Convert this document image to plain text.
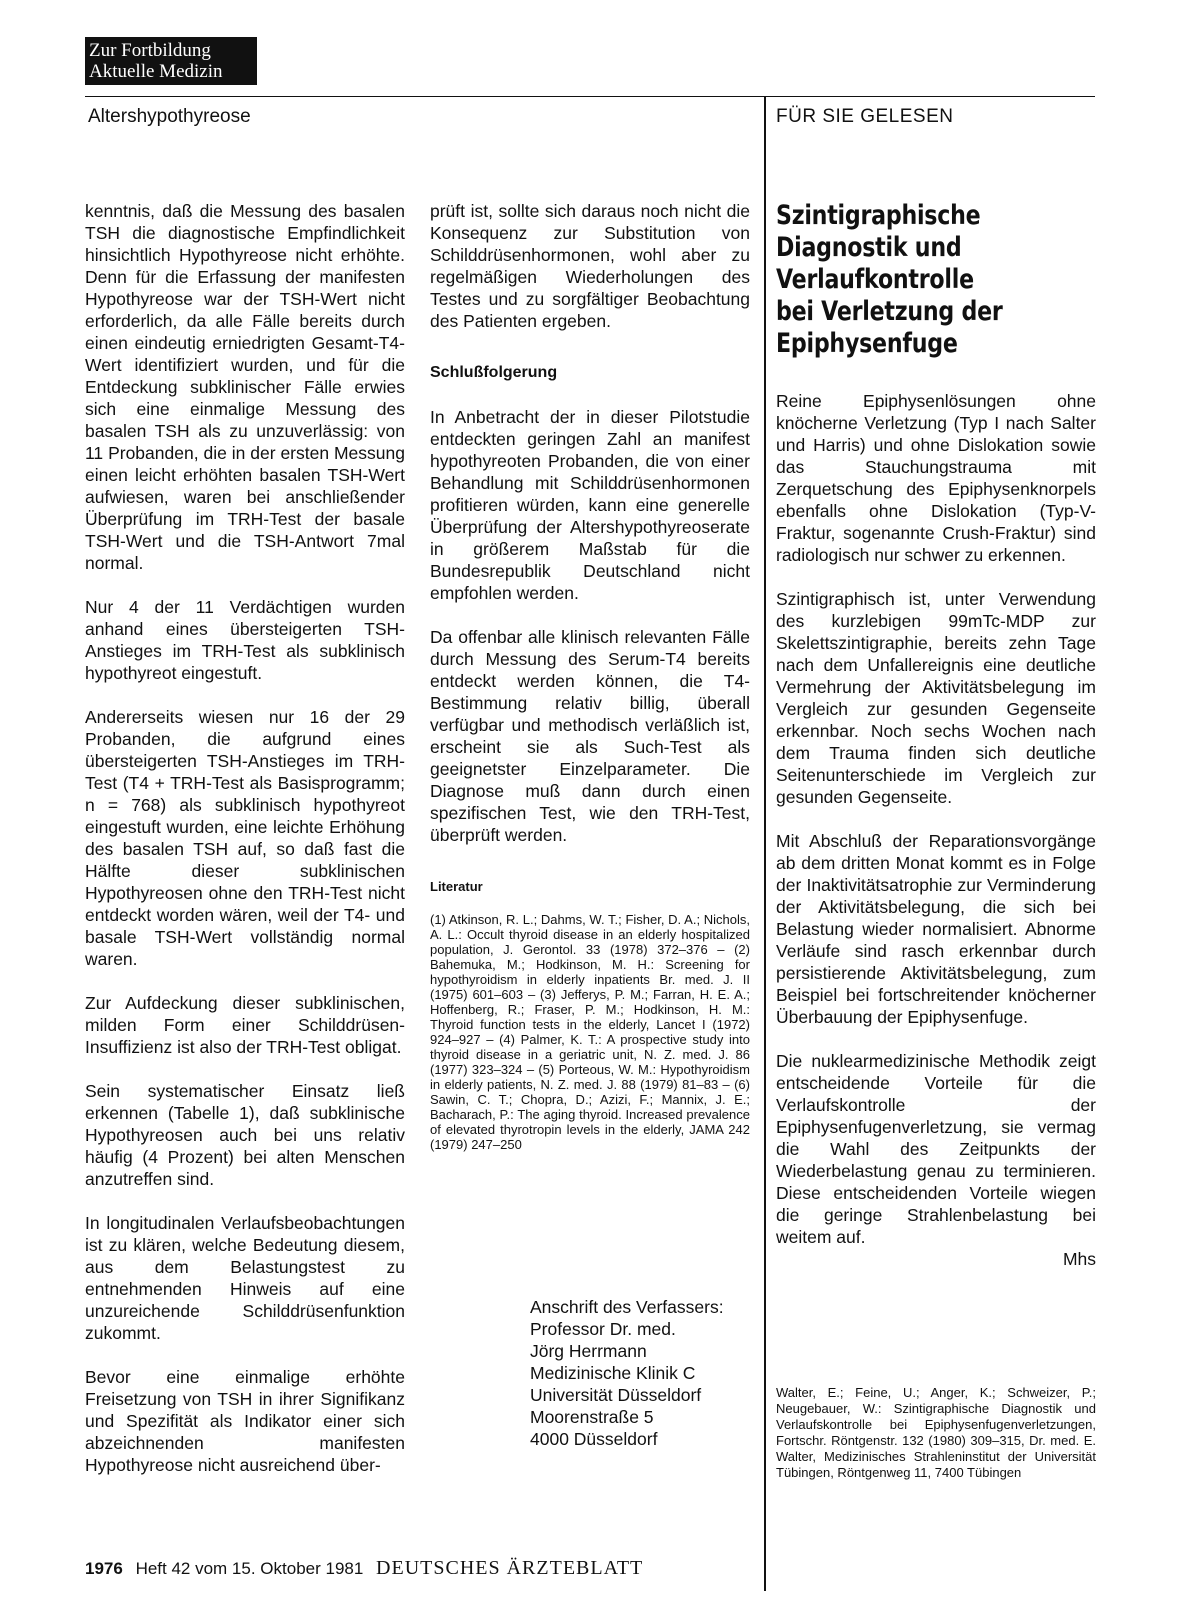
Zur Fortbildung
Aktuelle Medizin
Altershypothyreose	FÜR SIE GELESEN

kenntnis, daß die Messung des basalen TSH die diagnostische Empfindlichkeit hinsichtlich Hypothyreose nicht erhöhte. Denn für die Erfassung der manifesten Hypothyreose war der TSH-Wert nicht erforderlich, da alle Fälle bereits durch einen eindeutig erniedrigten Gesamt-T4-Wert identifiziert wurden, und für die Entdeckung subklinischer Fälle erwies sich eine einmalige Messung des basalen TSH als zu unzuverlässig: von 11 Probanden, die in der ersten Messung einen leicht erhöhten basalen TSH-Wert aufwiesen, waren bei anschließender Überprüfung im TRH-Test der basale TSH-Wert und die TSH-Antwort 7mal normal.

Nur 4 der 11 Verdächtigen wurden anhand eines übersteigerten TSH-Anstieges im TRH-Test als subklinisch hypothyreot eingestuft.

Andererseits wiesen nur 16 der 29 Probanden, die aufgrund eines übersteigerten TSH-Anstieges im TRH-Test (T4 + TRH-Test als Basisprogramm; n = 768) als subklinisch hypothyreot eingestuft wurden, eine leichte Erhöhung des basalen TSH auf, so daß fast die Hälfte dieser subklinischen Hypothyreosen ohne den TRH-Test nicht entdeckt worden wären, weil der T4- und basale TSH-Wert vollständig normal waren.

Zur Aufdeckung dieser subklinischen, milden Form einer Schilddrüsen-Insuffizienz ist also der TRH-Test obligat.

Sein systematischer Einsatz ließ erkennen (Tabelle 1), daß subklinische Hypothyreosen auch bei uns relativ häufig (4 Prozent) bei alten Menschen anzutreffen sind.

In longitudinalen Verlaufsbeobachtungen ist zu klären, welche Bedeutung diesem, aus dem Belastungstest zu entnehmenden Hinweis auf eine unzureichende Schilddrüsenfunktion zukommt.

Bevor eine einmalige erhöhte Freisetzung von TSH in ihrer Signifikanz und Spezifität als Indikator einer sich abzeichnenden manifesten Hypothyreose nicht ausreichend über-

prüft ist, sollte sich daraus noch nicht die Konsequenz zur Substitution von Schilddrüsenhormonen, wohl aber zu regelmäßigen Wiederholungen des Testes und zu sorgfältiger Beobachtung des Patienten ergeben.

Schlußfolgerung

In Anbetracht der in dieser Pilotstudie entdeckten geringen Zahl an manifest hypothyreoten Probanden, die von einer Behandlung mit Schilddrüsenhormonen profitieren würden, kann eine generelle Überprüfung der Altershypothyreoserate in größerem Maßstab für die Bundesrepublik Deutschland nicht empfohlen werden.

Da offenbar alle klinisch relevanten Fälle durch Messung des Serum-T4 bereits entdeckt werden können, die T4-Bestimmung relativ billig, überall verfügbar und methodisch verläßlich ist, erscheint sie als Such-Test als geeignetster Einzelparameter. Die Diagnose muß dann durch einen spezifischen Test, wie den TRH-Test, überprüft werden.

Literatur
(1) Atkinson, R. L.; Dahms, W. T.; Fisher, D. A.; Nichols, A. L.: Occult thyroid disease in an elderly hospitalized population, J. Gerontol. 33 (1978) 372–376 – (2) Bahemuka, M.; Hodkinson, M. H.: Screening for hypothyroidism in elderly inpatients Br. med. J. II (1975) 601–603 – (3) Jefferys, P. M.; Farran, H. E. A.; Hoffenberg, R.; Fraser, P. M.; Hodkinson, H. M.: Thyroid function tests in the elderly, Lancet I (1972) 924–927 – (4) Palmer, K. T.: A prospective study into thyroid disease in a geriatric unit, N. Z. med. J. 86 (1977) 323–324 – (5) Porteous, W. M.: Hypothyroidism in elderly patients, N. Z. med. J. 88 (1979) 81–83 – (6) Sawin, C. T.; Chopra, D.; Azizi, F.; Mannix, J. E.; Bacharach, P.: The aging thyroid. Increased prevalence of elevated thyrotropin levels in the elderly, JAMA 242 (1979) 247–250
Anschrift des Verfassers:
Professor Dr. med.
Jörg Herrmann
Medizinische Klinik C
Universität Düsseldorf
Moorenstraße 5
4000 Düsseldorf
Szintigraphische
Diagnostik und
Verlaufkontrolle
bei Verletzung der
Epiphysenfuge

Reine Epiphysenlösungen ohne knöcherne Verletzung (Typ I nach Salter und Harris) und ohne Dislokation sowie das Stauchungstrauma mit Zerquetschung des Epiphysenknorpels ebenfalls ohne Dislokation (Typ-V-Fraktur, sogenannte Crush-Fraktur) sind radiologisch nur schwer zu erkennen.

Szintigraphisch ist, unter Verwendung des kurzlebigen 99mTc-MDP zur Skelettszintigraphie, bereits zehn Tage nach dem Unfallereignis eine deutliche Vermehrung der Aktivitätsbelegung im Vergleich zur gesunden Gegenseite erkennbar. Noch sechs Wochen nach dem Trauma finden sich deutliche Seitenunterschiede im Vergleich zur gesunden Gegenseite.

Mit Abschluß der Reparationsvorgänge ab dem dritten Monat kommt es in Folge der Inaktivitätsatrophie zur Verminderung der Aktivitätsbelegung, die sich bei Belastung wieder normalisiert. Abnorme Verläufe sind rasch erkennbar durch persistierende Aktivitätsbelegung, zum Beispiel bei fortschreitender knöcherner Überbauung der Epiphysenfuge.

Die nuklearmedizinische Methodik zeigt entscheidende Vorteile für die Verlaufskontrolle der Epiphysenfugenverletzung, sie vermag die Wahl des Zeitpunkts der Wiederbelastung genau zu terminieren. Diese entscheidenden Vorteile wiegen die geringe Strahlenbelastung bei weitem auf.

Mhs
Walter, E.; Feine, U.; Anger, K.; Schweizer, P.; Neugebauer, W.: Szintigraphische Diagnostik und Verlaufskontrolle bei Epiphysenfugenverletzungen, Fortschr. Röntgenstr. 132 (1980) 309–315, Dr. med. E. Walter, Medizinisches Strahleninstitut der Universität Tübingen, Röntgenweg 11, 7400 Tübingen
1976 Heft 42 vom 15. Oktober 1981 DEUTSCHES ÄRZTEBLATT
